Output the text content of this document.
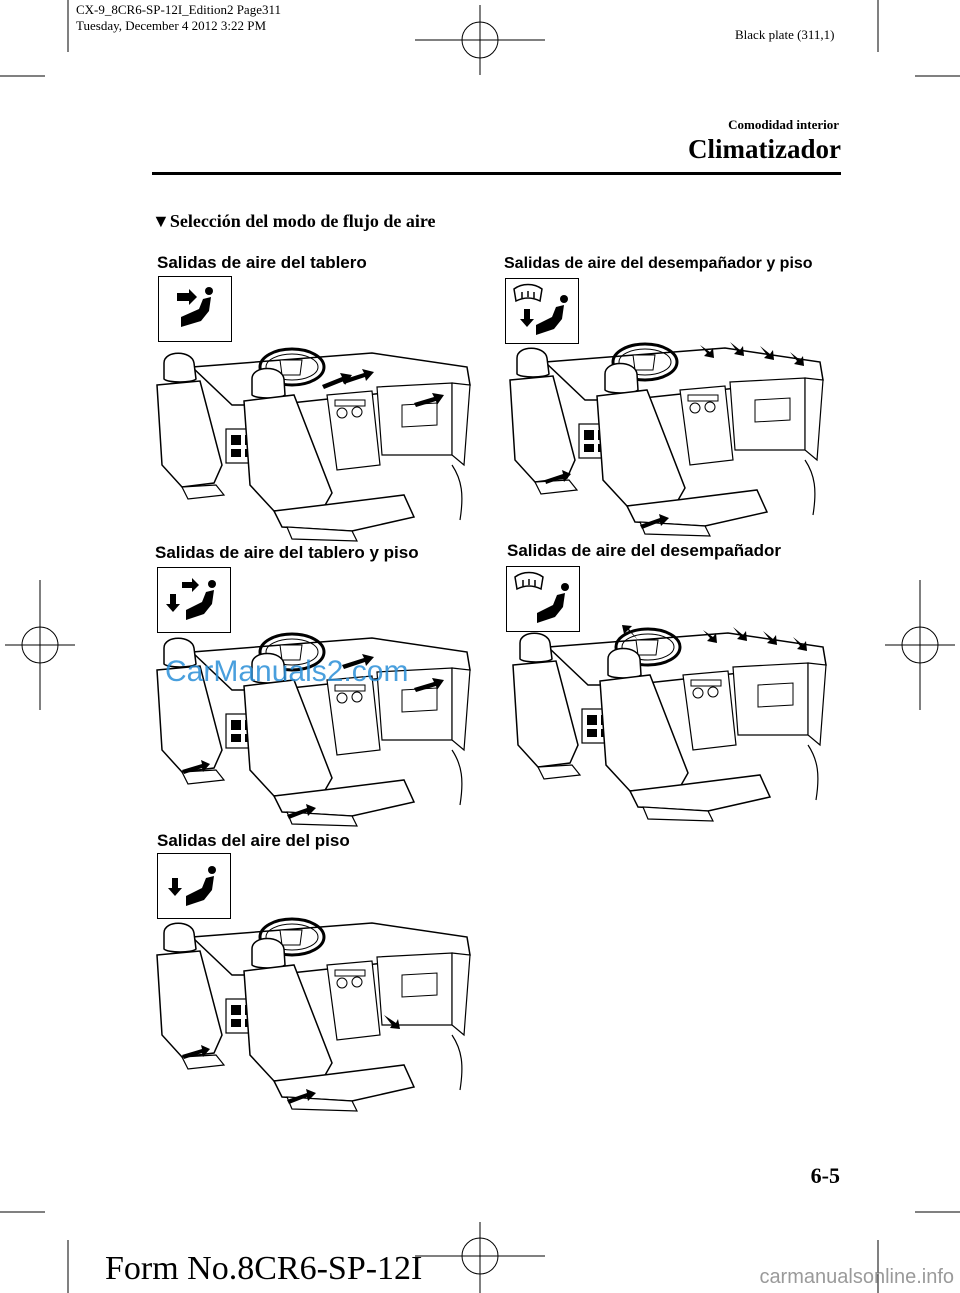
CX-9_8CR6-SP-12I_Edition2 Page311
Tuesday, December 4 2012 3:22 PM
Black plate (311,1)
Comodidad interior
Climatizador
▼Selección del modo de flujo de aire
Salidas de aire del tablero	Salidas de aire del desempañador y piso
Salidas de aire del tablero y piso	Salidas de aire del desempañador
Salidas del aire del piso
CarManuals2.com
6-5
Form No.8CR6-SP-12I	carmanualsonline.info
